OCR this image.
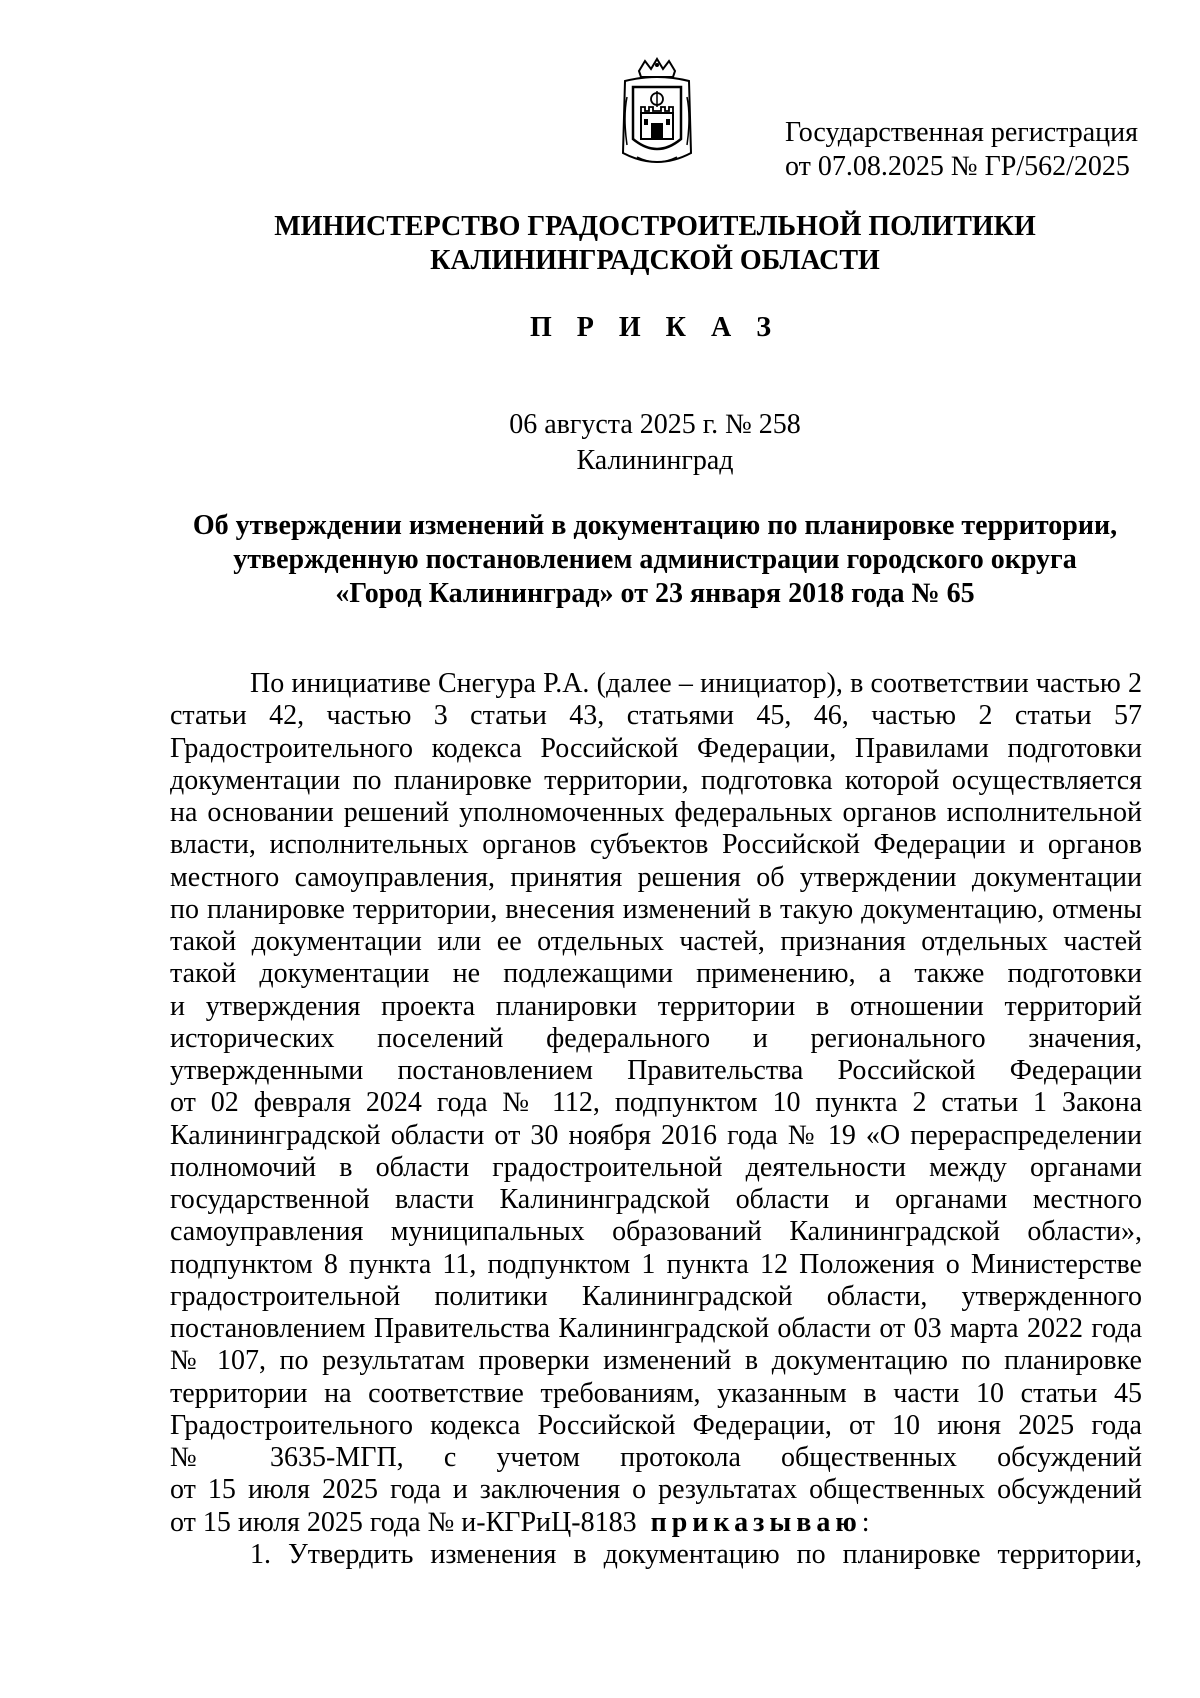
Государственная регистрация
от 07.08.2025 № ГР/562/2025
МИНИСТЕРСТВО ГРАДОСТРОИТЕЛЬНОЙ ПОЛИТИКИ
КАЛИНИНГРАДСКОЙ ОБЛАСТИ
П Р И К А З
06 августа 2025 г. № 258
Калининград
Об утверждении изменений в документацию по планировке территории,
утвержденную постановлением администрации городского округа
«Город Калининград» от 23 января 2018 года № 65
По инициативе Снегура Р.А. (далее – инициатор), в соответствии частью 2
статьи 42, частью 3 статьи 43, статьями 45, 46, частью 2 статьи 57
Градостроительного кодекса Российской Федерации, Правилами подготовки
документации по планировке территории, подготовка которой осуществляется
на основании решений уполномоченных федеральных органов исполнительной
власти, исполнительных органов субъектов Российской Федерации и органов
местного самоуправления, принятия решения об утверждении документации
по планировке территории, внесения изменений в такую документацию, отмены
такой документации или ее отдельных частей, признания отдельных частей
такой документации не подлежащими применению, а также подготовки
и утверждения проекта планировки территории в отношении территорий
исторических поселений федерального и регионального значения,
утвержденными постановлением Правительства Российской Федерации
от 02 февраля 2024 года № 112, подпунктом 10 пункта 2 статьи 1 Закона
Калининградской области от 30 ноября 2016 года № 19 «О перераспределении
полномочий в области градостроительной деятельности между органами
государственной власти Калининградской области и органами местного
самоуправления муниципальных образований Калининградской области»,
подпунктом 8 пункта 11, подпунктом 1 пункта 12 Положения о Министерстве
градостроительной политики Калининградской области, утвержденного
постановлением Правительства Калининградской области от 03 марта 2022 года
№ 107, по результатам проверки изменений в документацию по планировке
территории на соответствие требованиям, указанным в части 10 статьи 45
Градостроительного кодекса Российской Федерации, от 10 июня 2025 года
№ 3635-МГП, с учетом протокола общественных обсуждений
от 15 июля 2025 года и заключения о результатах общественных обсуждений
от 15 июля 2025 года № и-КГРиЦ-8183 приказываю:
1. Утвердить изменения в документацию по планировке территории,
